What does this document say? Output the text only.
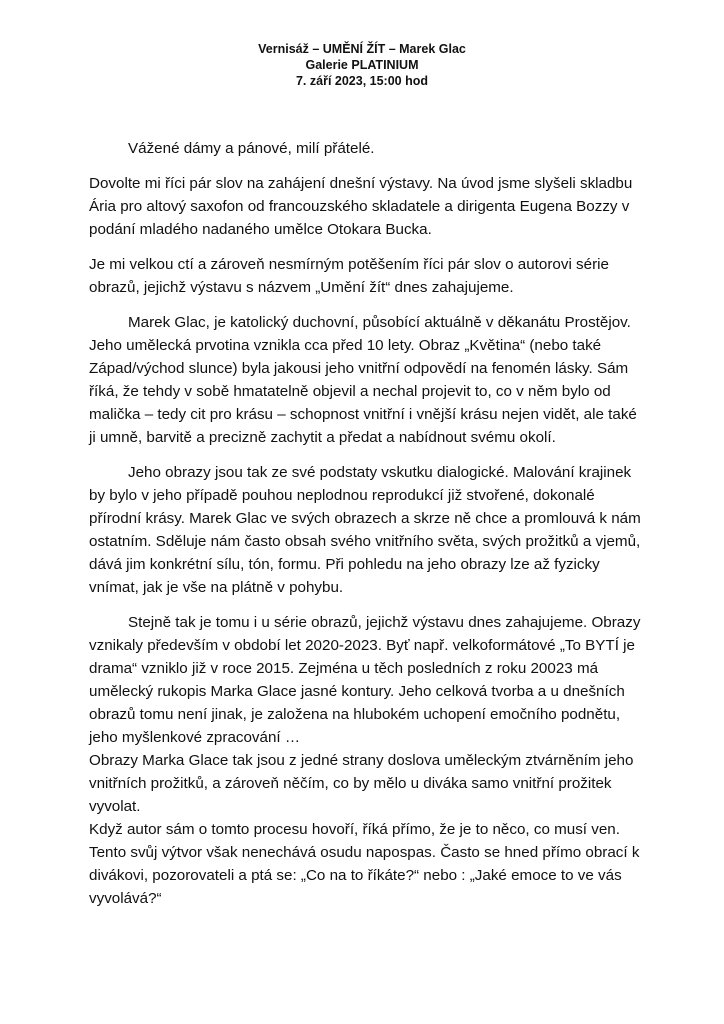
Vernisáž – UMĚNÍ ŽÍT – Marek Glac
Galerie PLATINIUM
7. září 2023, 15:00 hod

Vážené dámy a pánové, milí přátelé.

Dovolte mi říci pár slov na zahájení dnešní výstavy. Na úvod jsme slyšeli skladbu Ária pro altový saxofon od francouzského skladatele a dirigenta Eugena Bozzy v podání mladého nadaného umělce Otokara Bucka.

Je mi velkou ctí a zároveň nesmírným potěšením říci pár slov o autorovi série obrazů, jejichž výstavu s názvem „Umění žít“ dnes zahajujeme.

Marek Glac, je katolický duchovní, působící aktuálně v děkanátu Prostějov. Jeho umělecká prvotina vznikla cca před 10 lety. Obraz „Květina“ (nebo také Západ/východ slunce) byla jakousi jeho vnitřní odpovědí na fenomén lásky. Sám říká, že tehdy v sobě hmatatelně objevil a nechal projevit to, co v něm bylo od malička – tedy cit pro krásu – schopnost vnitřní i vnější krásu nejen vidět, ale také ji umně, barvitě a precizně zachytit a předat a nabídnout svému okolí.

Jeho obrazy jsou tak ze své podstaty vskutku dialogické. Malování krajinek by bylo v jeho případě pouhou neplodnou reprodukcí již stvořené, dokonalé přírodní krásy. Marek Glac ve svých obrazech a skrze ně chce a promlouvá k nám ostatním. Sděluje nám často obsah svého vnitřního světa, svých prožitků a vjemů, dává jim konkrétní sílu, tón, formu. Při pohledu na jeho obrazy lze až fyzicky vnímat, jak je vše na plátně v pohybu.

Stejně tak je tomu i u série obrazů, jejichž výstavu dnes zahajujeme. Obrazy vznikaly především v období let 2020-2023. Byť např. velkoformátové „To BYTÍ je drama“ vzniklo již v roce 2015. Zejména u těch posledních z roku 20023 má umělecký rukopis Marka Glace jasné kontury. Jeho celková tvorba a u dnešních obrazů tomu není jinak, je založena na hlubokém uchopení emočního podnětu, jeho myšlenkové zpracování …

Obrazy Marka Glace tak jsou z jedné strany doslova uměleckým ztvárněním jeho vnitřních prožitků, a zároveň něčím, co by mělo u diváka samo vnitřní prožitek vyvolat.

Když autor sám o tomto procesu hovoří, říká přímo, že je to něco, co musí ven. Tento svůj výtvor však nenechává osudu napospas. Často se hned přímo obrací k divákovi, pozorovateli a ptá se: „Co na to říkáte?“ nebo : „Jaké emoce to ve vás vyvolává?“
